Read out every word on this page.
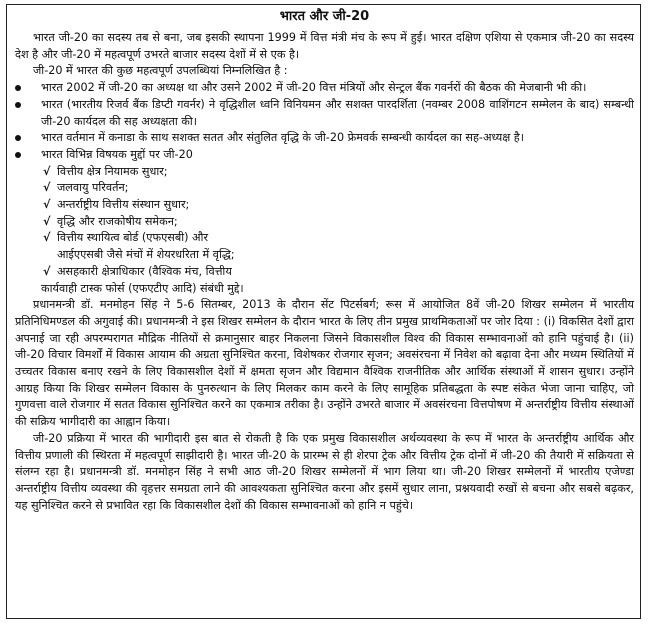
भारत और जी-20

भारत जी-20 का सदस्य तब से बना, जब इसकी स्थापना 1999 में वित्त मंत्री मंच के रूप में हुई। भारत दक्षिण एशिया से एकमात्र जी-20 का सदस्य देश है और जी-20 में महत्वपूर्ण उभरते बाजार सदस्य देशों में से एक है।

जी-20 में भारत की कुछ महत्वपूर्ण उपलब्धियां निम्नलिखित है :

भारत 2002 में जी-20 का अध्यक्ष था और उसने 2002 में जी-20 वित्त मंत्रियों और सेन्ट्रल बैंक गवर्नरों की बैठक की मेजबानी भी की।
भारत (भारतीय रिजर्व बैंक डिप्टी गवर्नर) ने वृद्धिशील ध्वनि विनियमन और सशक्त पारदर्शिता (नवम्बर 2008 वाशिंगटन सम्मेलन के बाद) सम्बन्धी जी-20 कार्यदल की सह अध्यक्षता की।
भारत वर्तमान में कनाडा के साथ सशक्त सतत और संतुलित वृद्धि के जी-20 फ्रेमवर्क सम्बन्धी कार्यदल का सह-अध्यक्ष है।
भारत विभिन्न विषयक मुद्दों पर जी-20
√ वित्तीय क्षेत्र नियामक सुधार;
√ जलवायु परिवर्तन;
√ अन्तर्राष्ट्रीय वित्तीय संस्थान सुधार;
√ वृद्धि और राजकोषीय समेकन;
√ वित्तीय स्थायित्व बोर्ड (एफएसबी) और
आईएएसबी जैसे मंचों में शेयरधरिता में वृद्धि;
√ असहकारी क्षेत्राधिकार (वैश्विक मंच, वित्तीय

कार्यवाही टास्क फोर्स (एफएटीए आदि) संबंधी मुद्दे।

प्रधानमन्त्री डॉ. मनमोहन सिंह ने 5-6 सितम्बर, 2013 के दौरान सेंट पिटर्सबर्ग; रूस में आयोजित 8वें जी-20 शिखर सम्मेलन में भारतीय प्रतिनिधिमण्डल की अगुवाई की। प्रधानमन्त्री ने इस शिखर सम्मेलन के दौरान भारत के लिए तीन प्रमुख प्राथमिकताओं पर जोर दिया : (i) विकसित देशों द्वारा अपनाई जा रही अपरम्परागत मौद्रिक नीतियों से क्रमानुसार बाहर निकलना जिसने विकासशील विश्व की विकास सम्भावनाओं को हानि पहुंचाई है। (ii) जी-20 विचार विमर्शों में विकास आयाम की अग्रता सुनिश्चित करना, विशेषकर रोजगार सृजन; अवसंरचना में निवेश को बढ़ावा देना और मध्यम स्थितियों में उच्चतर विकास बनाए रखने के लिए विकासशील देशों में क्षमता सृजन और विद्यमान वैश्विक राजनीतिक और आर्थिक संस्थाओं में शासन सुधार। उन्होंने आग्रह किया कि शिखर सम्मेलन विकास के पुनरुत्थान के लिए मिलकर काम करने के लिए सामूहिक प्रतिबद्धता के स्पष्ट संकेत भेजा जाना चाहिए, जो गुणवत्ता वाले रोजगार में सतत विकास सुनिश्चित करने का एकमात्र तरीका है। उन्होंने उभरते बाजार में अवसंरचना वित्तपोषण में अन्तर्राष्ट्रीय वित्तीय संस्थाओं की सक्रिय भागीदारी का आह्वान किया।

जी-20 प्रक्रिया में भारत की भागीदारी इस बात से रोकती है कि एक प्रमुख विकासशील अर्थव्यवस्था के रूप में भारत के अन्तर्राष्ट्रीय आर्थिक और वित्तीय प्रणाली की स्थिरता में महत्वपूर्ण साझीदारी है। भारत जी-20 के प्रारम्भ से ही शेरपा ट्रेक और वित्तीय ट्रेक दोनों में जी-20 की तैयारी में सक्रियता से संलग्न रहा है। प्रधानमन्त्री डॉ. मनमोहन सिंह ने सभी आठ जी-20 शिखर सम्मेलनों में भाग लिया था। जी-20 शिखर सम्मेलनों में भारतीय एजेण्डा अन्तर्राष्ट्रीय वित्तीय व्यवस्था की वृहत्तर समग्रता लाने की आवश्यकता सुनिश्चित करना और इसमें सुधार लाना, प्रश्नयवादी रुखों से बचना और सबसे बढ़कर, यह सुनिश्चित करने से प्रभावित रहा कि विकासशील देशों की विकास सम्भावनाओं को हानि न पहुंचे।
